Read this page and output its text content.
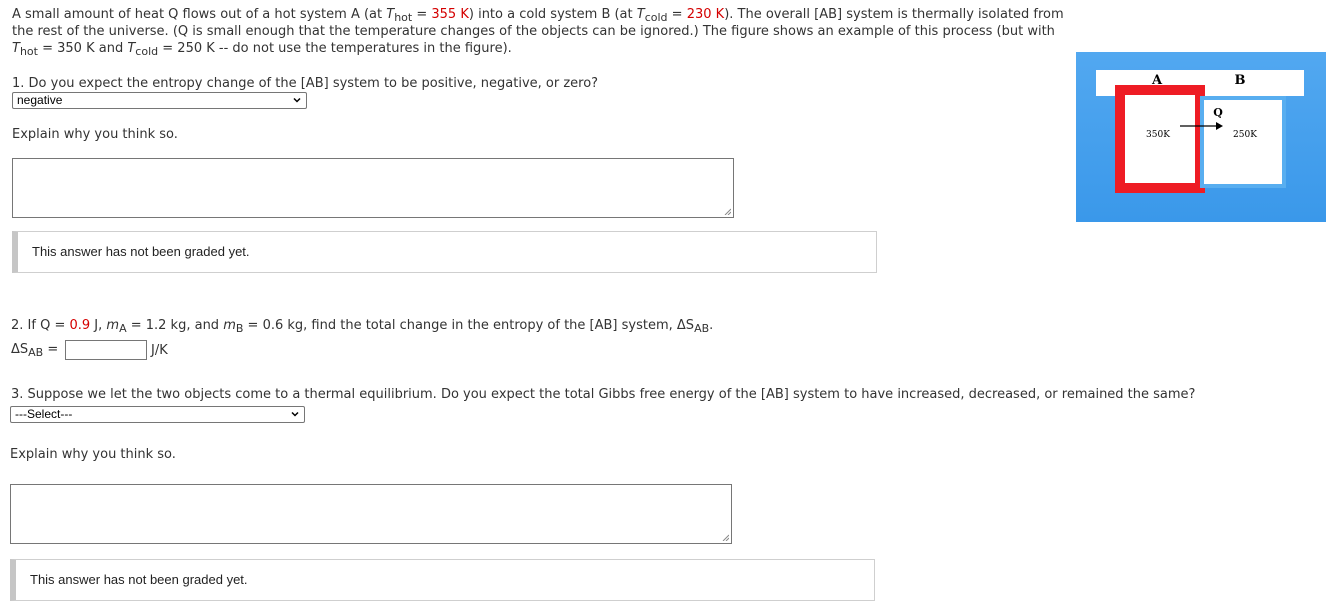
A small amount of heat Q flows out of a hot system A (at $T_{hot} = 355$ K) into a cold system B (at $T_{cold} = 230$ K). The overall [AB] system is thermally isolated from the rest of the universe. (Q is small enough that the temperature changes of the objects can be ignored.) The figure shows an example of this process (but with $T_{hot} = 350$ K and $T_{cold} = 250$ K -- do not use the temperatures in the figure).
A	B
350K	250K
Q
1. Do you expect the entropy change of the [AB] system to be positive, negative, or zero?
negative
Explain why you think so.
This answer has not been graded yet.
2. If Q = 0.9 J, $m_A = 1.2$ kg, and $m_B = 0.6$ kg, find the total change in the entropy of the [AB] system, $\Delta S_{AB}$.
$\Delta S_{AB}$ =	J/K
3. Suppose we let the two objects come to a thermal equilibrium. Do you expect the total Gibbs free energy of the [AB] system to have increased, decreased, or remained the same?
---Select---
Explain why you think so.
This answer has not been graded yet.
